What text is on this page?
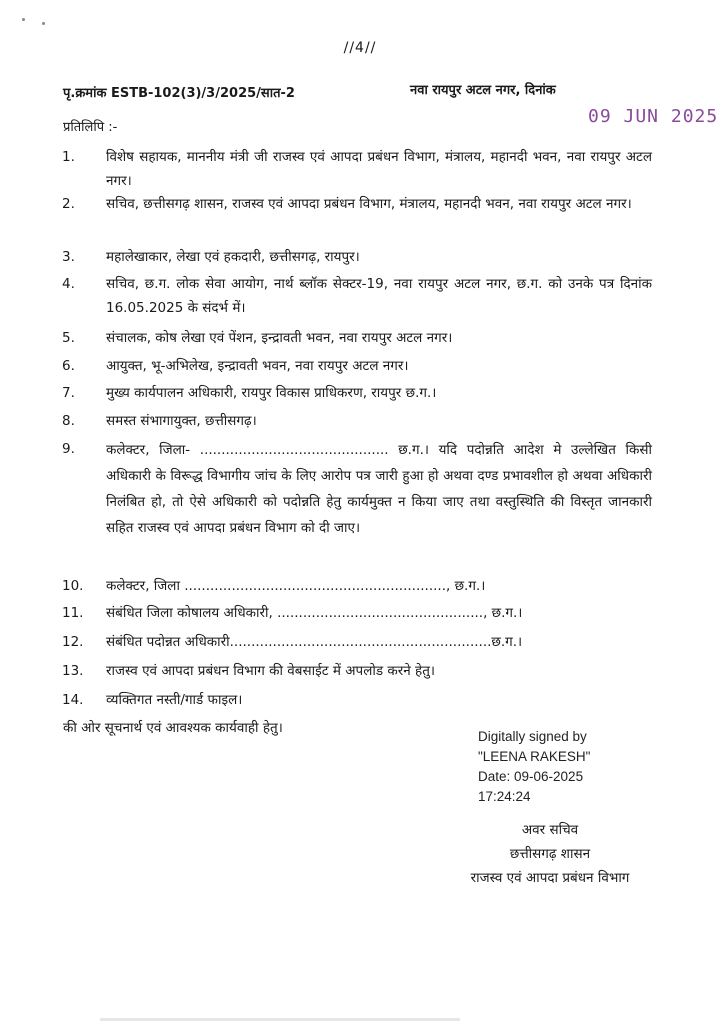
//4//
पृ.क्रमांक ESTB-102(3)/3/2025/सात-2	नवा रायपुर अटल नगर, दिनांक
09 JUN 2025
प्रतिलिपि :-
1.	विशेष सहायक, माननीय मंत्री जी राजस्व एवं आपदा प्रबंधन विभाग, मंत्रालय, महानदी भवन, नवा रायपुर अटल नगर।
2.	सचिव, छत्तीसगढ़ शासन, राजस्व एवं आपदा प्रबंधन विभाग, मंत्रालय, महानदी भवन, नवा रायपुर अटल नगर।
3.	महालेखाकार, लेखा एवं हकदारी, छत्तीसगढ़, रायपुर।
4.	सचिव, छ.ग. लोक सेवा आयोग, नार्थ ब्लॉक सेक्टर-19, नवा रायपुर अटल नगर, छ.ग. को उनके पत्र दिनांक 16.05.2025 के संदर्भ में।
5.	संचालक, कोष लेखा एवं पेंशन, इन्द्रावती भवन, नवा रायपुर अटल नगर।
6.	आयुक्त, भू-अभिलेख, इन्द्रावती भवन, नवा रायपुर अटल नगर।
7.	मुख्य कार्यपालन अधिकारी, रायपुर विकास प्राधिकरण, रायपुर छ.ग.।
8.	समस्त संभागायुक्त, छत्तीसगढ़।
9.	कलेक्टर, जिला- ............................................ छ.ग.। यदि पदोन्नति आदेश मे उल्लेखित किसी अधिकारी के विरूद्ध विभागीय जांच के लिए आरोप पत्र जारी हुआ हो अथवा दण्ड प्रभावशील हो अथवा अधिकारी निलंबित हो, तो ऐसे अधिकारी को पदोन्नति हेतु कार्यमुक्त न किया जाए तथा वस्तुस्थिति की विस्तृत जानकारी सहित राजस्व एवं आपदा प्रबंधन विभाग को दी जाए।
10.	कलेक्टर, जिला ............................................................., छ.ग.।
11.	संबंधित जिला कोषालय अधिकारी, ................................................, छ.ग.।
12.	संबंधित पदोन्नत अधिकारी.............................................................छ.ग.।
13.	राजस्व एवं आपदा प्रबंधन विभाग की वेबसाईट में अपलोड करने हेतु।
14.	व्यक्तिगत नस्ती/गार्ड फाइल।
की ओर सूचनार्थ एवं आवश्यक कार्यवाही हेतु।
Digitally signed by
"LEENA RAKESH"
Date: 09-06-2025
17:24:24
अवर सचिव
छत्तीसगढ़ शासन
राजस्व एवं आपदा प्रबंधन विभाग
